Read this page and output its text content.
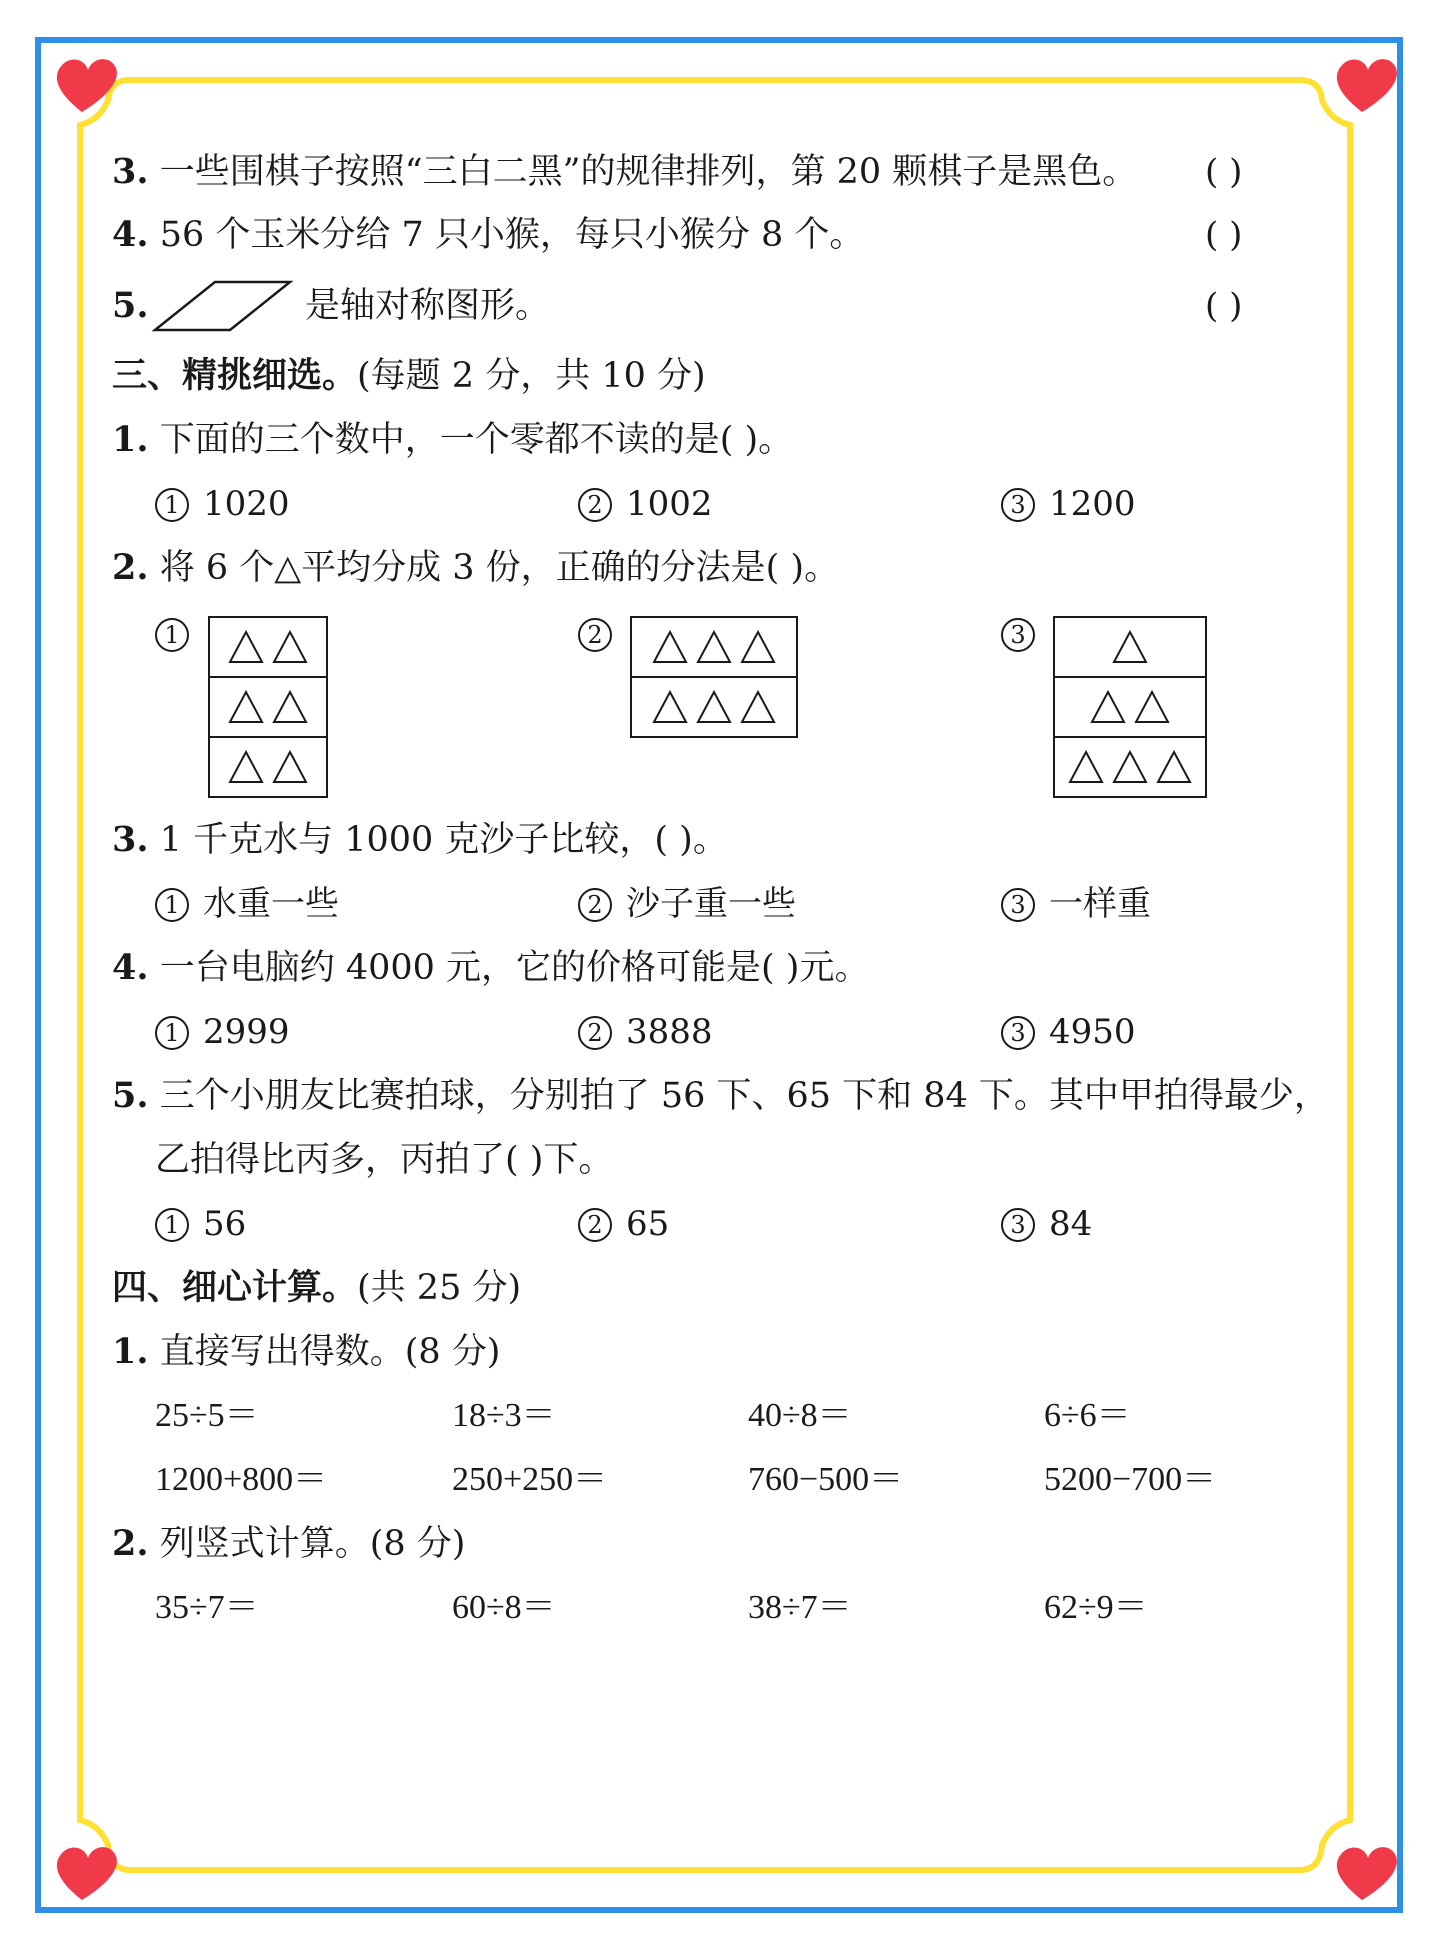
3. 一些围棋子按照“三白二黑”的规律排列，第 20 颗棋子是黑色。 ( )
4. 56 个玉米分给 7 只小猴，每只小猴分 8 个。	( )
5.	是轴对称图形。	( )
三、精挑细选。(每题 2 分，共 10 分)
1. 下面的三个数中，一个零都不读的是( )。
1 1020	2 1002	3 1200
2. 将 6 个△平均分成 3 份，正确的分法是( )。
1	2	3
3. 1 千克水与 1000 克沙子比较，( )。
1 水重一些	2 沙子重一些	3 一样重
4. 一台电脑约 4000 元，它的价格可能是( )元。
1 2999	2 3888	3 4950
5. 三个小朋友比赛拍球，分别拍了 56 下、65 下和 84 下。其中甲拍得最少，
乙拍得比丙多，丙拍了( )下。
1 56	2 65	3 84
四、细心计算。(共 25 分)
1. 直接写出得数。(8 分)
25÷5＝	18÷3＝	40÷8＝	6÷6＝
1200+800＝	250+250＝	760−500＝	5200−700＝
2. 列竖式计算。(8 分)
35÷7＝	60÷8＝	38÷7＝	62÷9＝
